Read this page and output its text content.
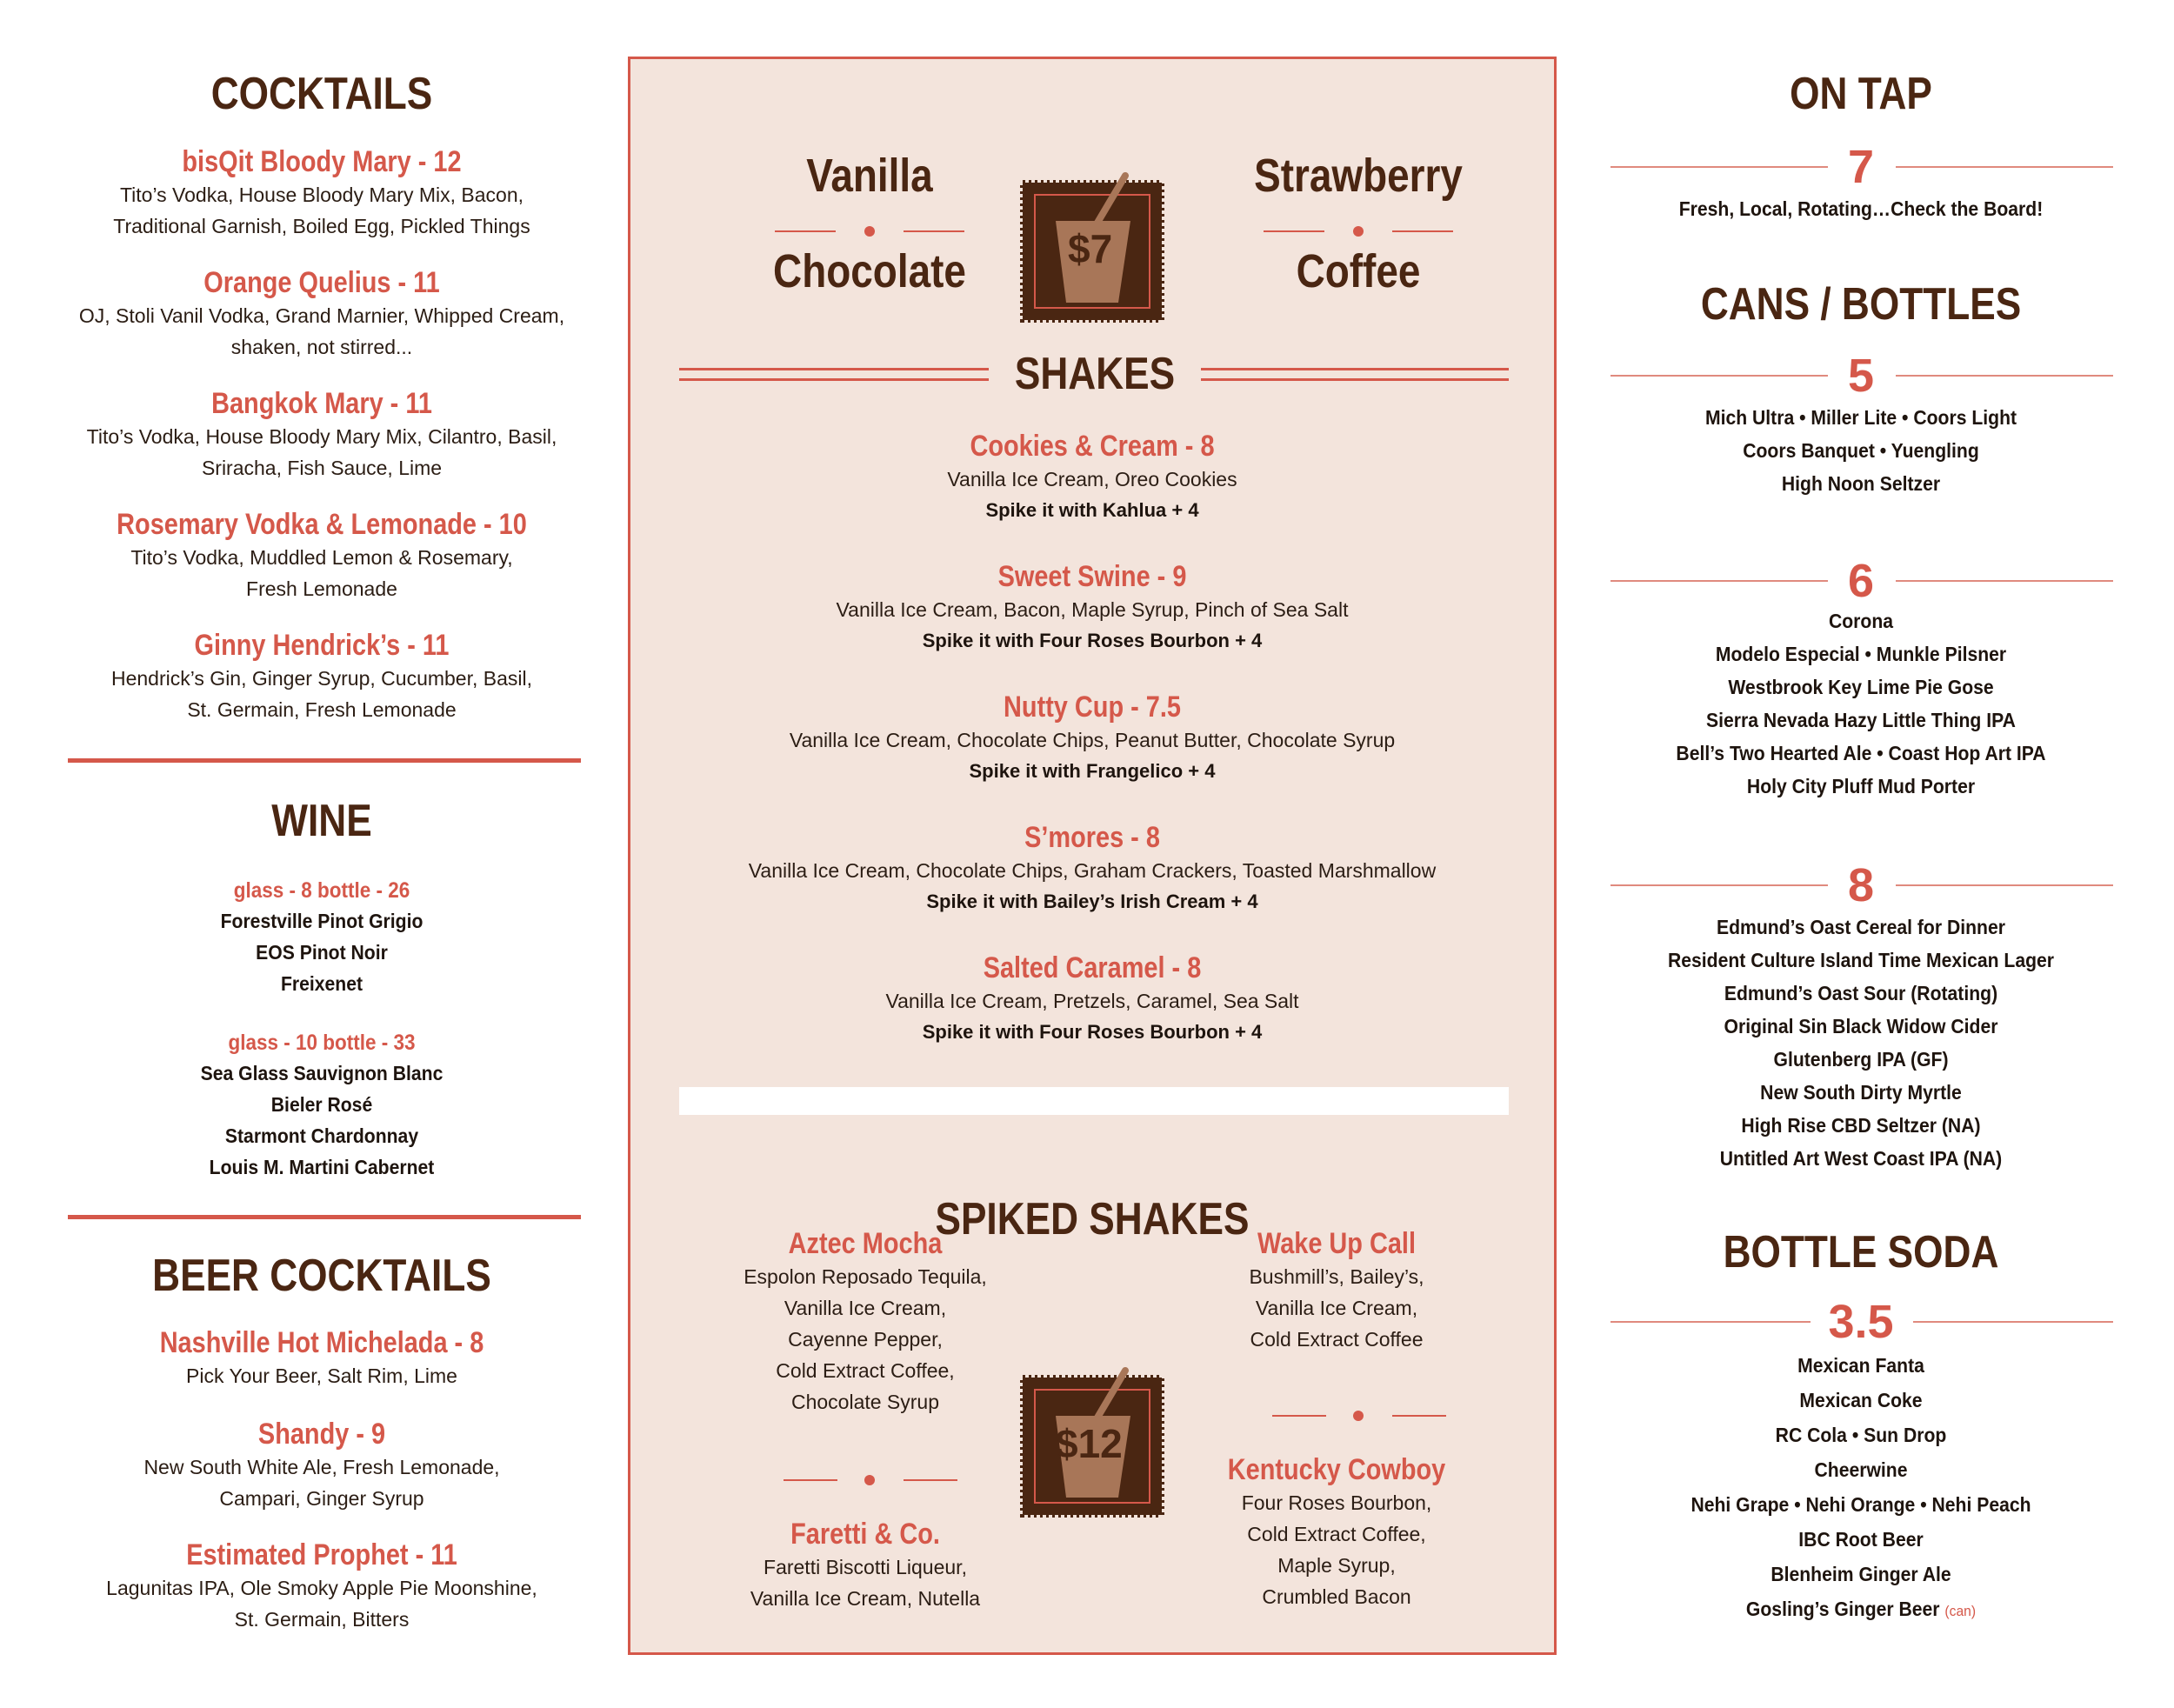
COCKTAILS
bisQit Bloody Mary - 12
Tito’s Vodka, House Bloody Mary Mix, Bacon,
Traditional Garnish, Boiled Egg, Pickled Things
Orange Quelius - 11
OJ, Stoli Vanil Vodka, Grand Marnier, Whipped Cream,
shaken, not stirred...
Bangkok Mary - 11
Tito’s Vodka, House Bloody Mary Mix, Cilantro, Basil,
Sriracha, Fish Sauce, Lime
Rosemary Vodka & Lemonade - 10
Tito’s Vodka, Muddled Lemon & Rosemary,
Fresh Lemonade
Ginny Hendrick’s - 11
Hendrick’s Gin, Ginger Syrup, Cucumber, Basil,
St. Germain, Fresh Lemonade
WINE
glass - 8 bottle - 26
Forestville Pinot Grigio
EOS Pinot Noir
Freixenet
glass - 10 bottle - 33
Sea Glass Sauvignon Blanc
Bieler Rosé
Starmont Chardonnay
Louis M. Martini Cabernet
BEER COCKTAILS
Nashville Hot Michelada - 8
Pick Your Beer, Salt Rim, Lime
Shandy - 9
New South White Ale, Fresh Lemonade,
Campari, Ginger Syrup
Estimated Prophet - 11
Lagunitas IPA, Ole Smoky Apple Pie Moonshine,
St. Germain, Bitters
Vanilla
Chocolate
Strawberry
Coffee
$7
SHAKES
Cookies & Cream - 8
Vanilla Ice Cream, Oreo Cookies
Spike it with Kahlua + 4
Sweet Swine - 9
Vanilla Ice Cream, Bacon, Maple Syrup, Pinch of Sea Salt
Spike it with Four Roses Bourbon + 4
Nutty Cup - 7.5
Vanilla Ice Cream, Chocolate Chips, Peanut Butter, Chocolate Syrup
Spike it with Frangelico + 4
S’mores - 8
Vanilla Ice Cream, Chocolate Chips, Graham Crackers, Toasted Marshmallow
Spike it with Bailey’s Irish Cream + 4
Salted Caramel - 8
Vanilla Ice Cream, Pretzels, Caramel, Sea Salt
Spike it with Four Roses Bourbon + 4
SPIKED SHAKES
Aztec Mocha
Espolon Reposado Tequila,
Vanilla Ice Cream,
Cayenne Pepper,
Cold Extract Coffee,
Chocolate Syrup
Faretti & Co.
Faretti Biscotti Liqueur,
Vanilla Ice Cream, Nutella
$12
Wake Up Call
Bushmill’s, Bailey’s,
Vanilla Ice Cream,
Cold Extract Coffee
Kentucky Cowboy
Four Roses Bourbon,
Cold Extract Coffee,
Maple Syrup,
Crumbled Bacon
ON TAP
7
Fresh, Local, Rotating…Check the Board!
CANS / BOTTLES
5
Mich Ultra • Miller Lite • Coors Light
Coors Banquet • Yuengling
High Noon Seltzer
6
Corona
Modelo Especial • Munkle Pilsner
Westbrook Key Lime Pie Gose
Sierra Nevada Hazy Little Thing IPA
Bell’s Two Hearted Ale • Coast Hop Art IPA
Holy City Pluff Mud Porter
8
Edmund’s Oast Cereal for Dinner
Resident Culture Island Time Mexican Lager
Edmund’s Oast Sour (Rotating)
Original Sin Black Widow Cider
Glutenberg IPA (GF)
New South Dirty Myrtle
High Rise CBD Seltzer (NA)
Untitled Art West Coast IPA (NA)
BOTTLE SODA
3.5
Mexican Fanta
Mexican Coke
RC Cola • Sun Drop
Cheerwine
Nehi Grape • Nehi Orange • Nehi Peach
IBC Root Beer
Blenheim Ginger Ale
Gosling’s Ginger Beer (can)
